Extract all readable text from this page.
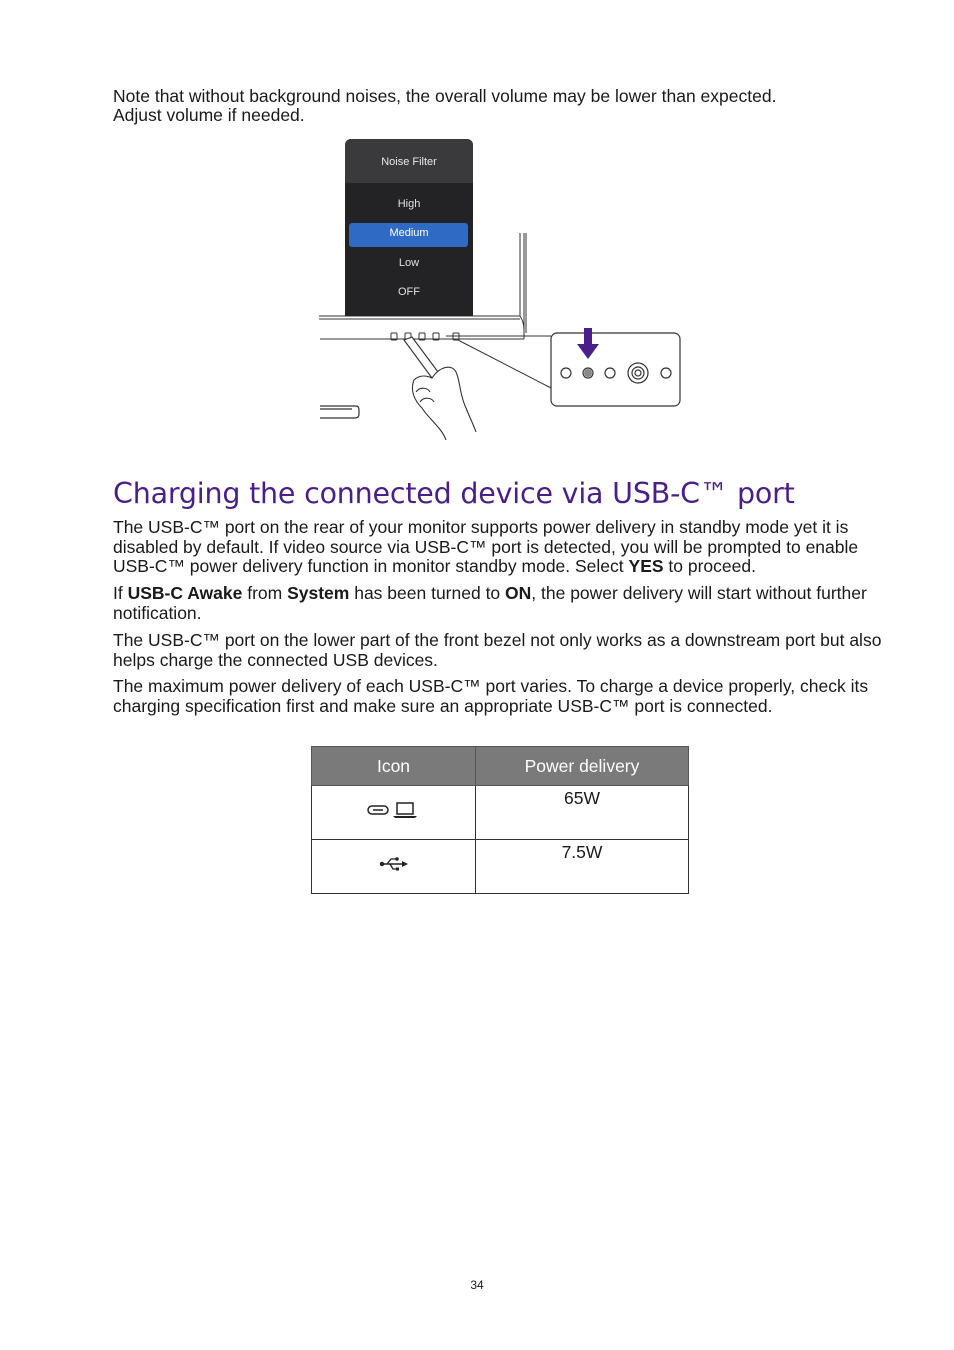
Note that without background noises, the overall volume may be lower than expected.

Adjust volume if needed.

Noise Filter
High
Medium
Low
OFF
Charging the connected device via USB-C™ port

The USB-C™ port on the rear of your monitor supports power delivery in standby mode yet it is disabled by default. If video source via USB-C™ port is detected, you will be prompted to enable USB-C™ power delivery function in monitor standby mode. Select YES to proceed.

If USB-C Awake from System has been turned to ON, the power delivery will start without further notification.

The USB-C™ port on the lower part of the front bezel not only works as a downstream port but also helps charge the connected USB devices.

The maximum power delivery of each USB-C™ port varies. To charge a device properly, check its charging specification first and make sure an appropriate USB-C™ port is connected.

Icon	Power delivery
	65W
	7.5W
34
